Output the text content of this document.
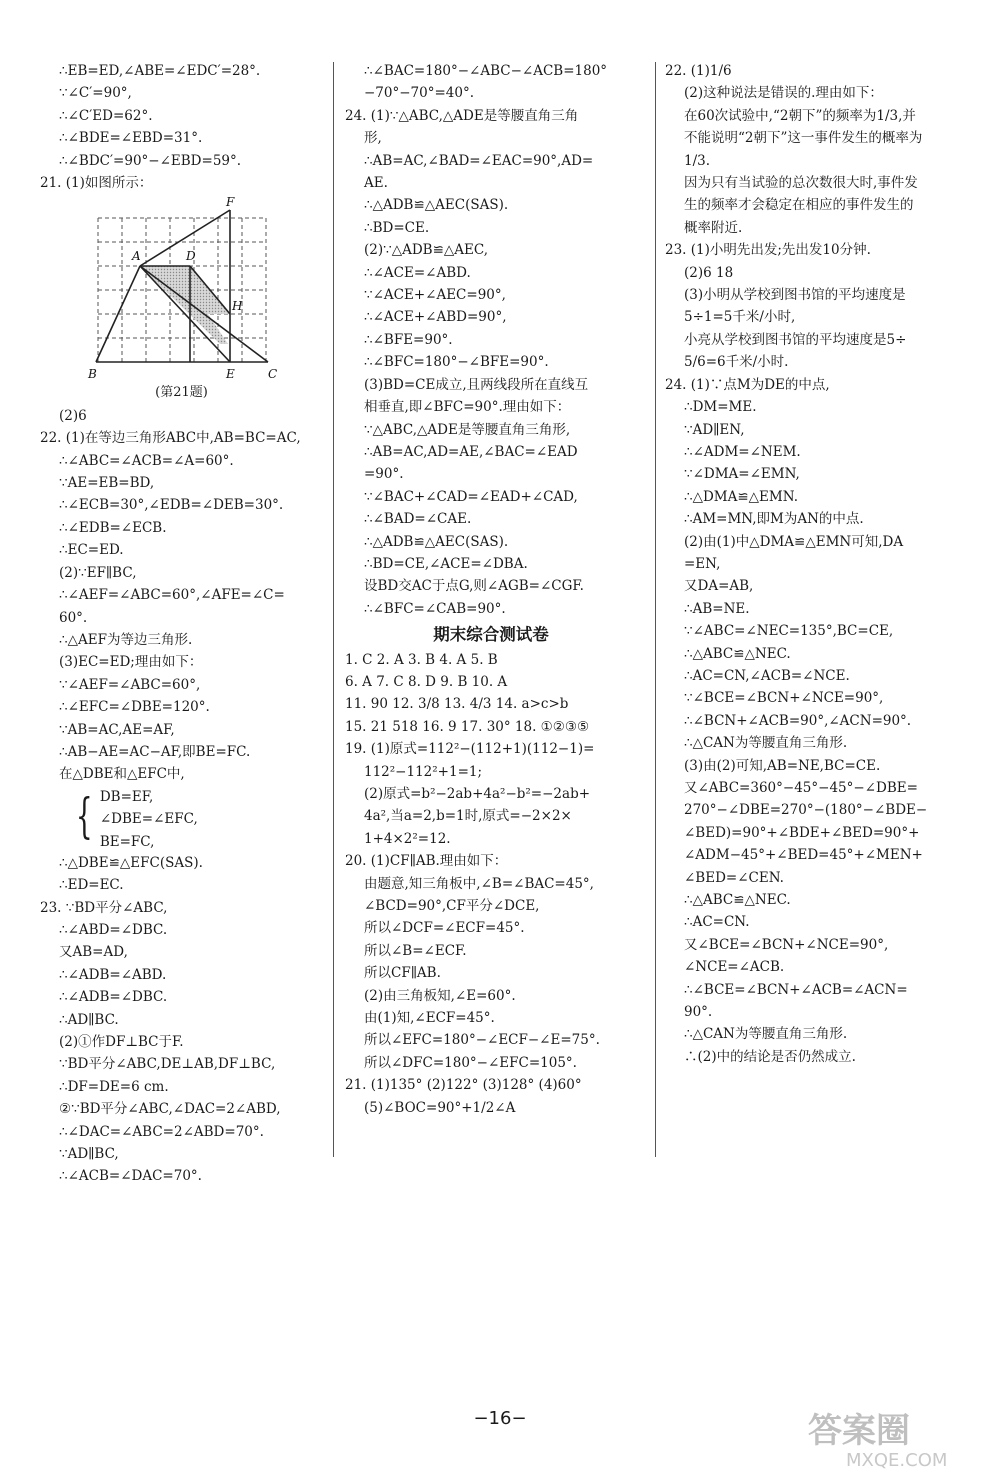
∴EB=ED,∠ABE=∠EDC′=28°.
∵∠C′=90°,
∴∠C′ED=62°.
∴∠BDE=∠EBD=31°.
∴∠BDC′=90°−∠EBD=59°.
21. (1)如图所示：
F
A	D
H
B	E	C
(第21题)
(2)6
22. (1)在等边三角形ABC中,AB=BC=AC,
∴∠ABC=∠ACB=∠A=60°.
∵AE=EB=BD,
∴∠ECB=30°,∠EDB=∠DEB=30°.
∴∠EDB=∠ECB.
∴EC=ED.
(2)∵EF∥BC,
∴∠AEF=∠ABC=60°,∠AFE=∠C=
60°.
∴△AEF为等边三角形.
(3)EC=ED;理由如下：
∵∠AEF=∠ABC=60°,
∴∠EFC=∠DBE=120°.
∵AB=AC,AE=AF,
∴AB−AE=AC−AF,即BE=FC.
在△DBE和△EFC中,
{ DB=EF,
∠DBE=∠EFC,
BE=FC,
∴△DBE≌△EFC(SAS).
∴ED=EC.
23. ∵BD平分∠ABC,
∴∠ABD=∠DBC.
又AB=AD,
∴∠ADB=∠ABD.
∴∠ADB=∠DBC.
∴AD∥BC.
(2)①作DF⊥BC于F.
∵BD平分∠ABC,DE⊥AB,DF⊥BC,
∴DF=DE=6 cm.
②∵BD平分∠ABC,∠DAC=2∠ABD,
∴∠DAC=∠ABC=2∠ABD=70°.
∵AD∥BC,
∴∠ACB=∠DAC=70°.
∴∠BAC=180°−∠ABC−∠ACB=180°
−70°−70°=40°.
24. (1)∵△ABC,△ADE是等腰直角三角
形,
∴AB=AC,∠BAD=∠EAC=90°,AD=
AE.
∴△ADB≌△AEC(SAS).
∴BD=CE.
(2)∵△ADB≌△AEC,
∴∠ACE=∠ABD.
∵∠ACE+∠AEC=90°,
∴∠ACE+∠ABD=90°,
∴∠BFE=90°.
∴∠BFC=180°−∠BFE=90°.
(3)BD=CE成立,且两线段所在直线互
相垂直,即∠BFC=90°.理由如下：
∵△ABC,△ADE是等腰直角三角形,
∴AB=AC,AD=AE,∠BAC=∠EAD
=90°.
∵∠BAC+∠CAD=∠EAD+∠CAD,
∴∠BAD=∠CAE.
∴△ADB≌△AEC(SAS).
∴BD=CE,∠ACE=∠DBA.
设BD交AC于点G,则∠AGB=∠CGF.
∴∠BFC=∠CAB=90°.
期末综合测试卷
1. C 2. A 3. B 4. A 5. B
6. A 7. C 8. D 9. B 10. A
11. 90 12. 3/8 13. 4/3 14. a>c>b
15. 21 518 16. 9 17. 30° 18. ①②③⑤
19. (1)原式=112²−(112+1)(112−1)=
112²−112²+1=1;
(2)原式=b²−2ab+4a²−b²=−2ab+
4a²,当a=2,b=1时,原式=−2×2×
1+4×2²=12.
20. (1)CF∥AB.理由如下：
由题意,知三角板中,∠B=∠BAC=45°,
∠BCD=90°,CF平分∠DCE,
所以∠DCF=∠ECF=45°.
所以∠B=∠ECF.
所以CF∥AB.
(2)由三角板知,∠E=60°.
由(1)知,∠ECF=45°.
所以∠EFC=180°−∠ECF−∠E=75°.
所以∠DFC=180°−∠EFC=105°.
21. (1)135° (2)122° (3)128° (4)60°
(5)∠BOC=90°+1/2∠A
22. (1)1/6
(2)这种说法是错误的.理由如下：
在60次试验中,“2朝下”的频率为1/3,并
不能说明“2朝下”这一事件发生的概率为
1/3.
因为只有当试验的总次数很大时,事件发
生的频率才会稳定在相应的事件发生的
概率附近.
23. (1)小明先出发;先出发10分钟.
(2)6 18
(3)小明从学校到图书馆的平均速度是
5÷1=5千米/小时,
小亮从学校到图书馆的平均速度是5÷
5/6=6千米/小时.
24. (1)∵点M为DE的中点,
∴DM=ME.
∵AD∥EN,
∴∠ADM=∠NEM.
∵∠DMA=∠EMN,
∴△DMA≌△EMN.
∴AM=MN,即M为AN的中点.
(2)由(1)中△DMA≌△EMN可知,DA
=EN,
又DA=AB,
∴AB=NE.
∵∠ABC=∠NEC=135°,BC=CE,
∴△ABC≌△NEC.
∴AC=CN,∠ACB=∠NCE.
∵∠BCE=∠BCN+∠NCE=90°,
∴∠BCN+∠ACB=90°,∠ACN=90°.
∴△CAN为等腰直角三角形.
(3)由(2)可知,AB=NE,BC=CE.
又∠ABC=360°−45°−45°−∠DBE=
270°−∠DBE=270°−(180°−∠BDE−
∠BED)=90°+∠BDE+∠BED=90°+
∠ADM−45°+∠BED=45°+∠MEN+
∠BED=∠CEN.
∴△ABC≌△NEC.
∴AC=CN.
又∠BCE=∠BCN+∠NCE=90°,
∠NCE=∠ACB.
∴∠BCE=∠BCN+∠ACB=∠ACN=
90°.
∴△CAN为等腰直角三角形.
∴(2)中的结论是否仍然成立.
−16−	答案圈
MXQE.COM
